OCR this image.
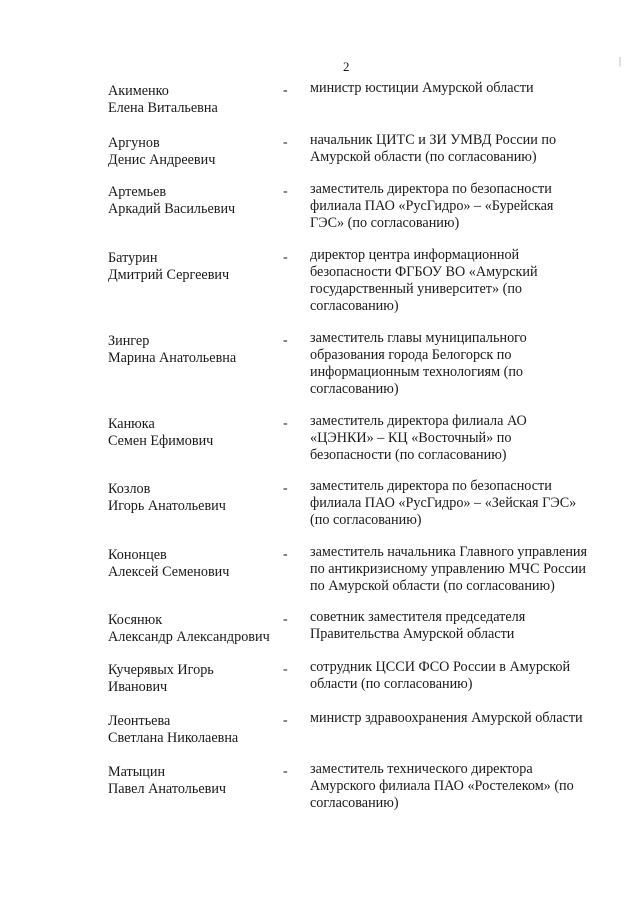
2	|
Акименко
Елена Витальевна
- министр юстиции Амурской области
Аргунов
Денис Андреевич
- начальник ЦИТС и ЗИ УМВД России по
Амурской области (по согласованию)
Артемьев
Аркадий Васильевич
- заместитель директора по безопасности
филиала ПАО «РусГидро» – «Бурейская
ГЭС» (по согласованию)
Батурин
Дмитрий Сергеевич
- директор центра информационной
безопасности ФГБОУ ВО «Амурский
государственный университет» (по
согласованию)
Зингер
Марина Анатольевна
- заместитель главы муниципального
образования города Белогорск по
информационным технологиям (по
согласованию)
Канюка
Семен Ефимович
- заместитель директора филиала АО
«ЦЭНКИ» – КЦ «Восточный» по
безопасности (по согласованию)
Козлов
Игорь Анатольевич
- заместитель директора по безопасности
филиала ПАО «РусГидро» – «Зейская ГЭС»
(по согласованию)
Кононцев
Алексей Семенович
- заместитель начальника Главного управления
по антикризисному управлению МЧС России
по Амурской области (по согласованию)
Косянюк
Александр Александрович
- советник заместителя председателя
Правительства Амурской области
Кучерявых Игорь
Иванович
- сотрудник ЦССИ ФСО России в Амурской
области (по согласованию)
Леонтьева
Светлана Николаевна
- министр здравоохранения Амурской области
Матыцин
Павел Анатольевич
- заместитель технического директора
Амурского филиала ПАО «Ростелеком» (по
согласованию)
